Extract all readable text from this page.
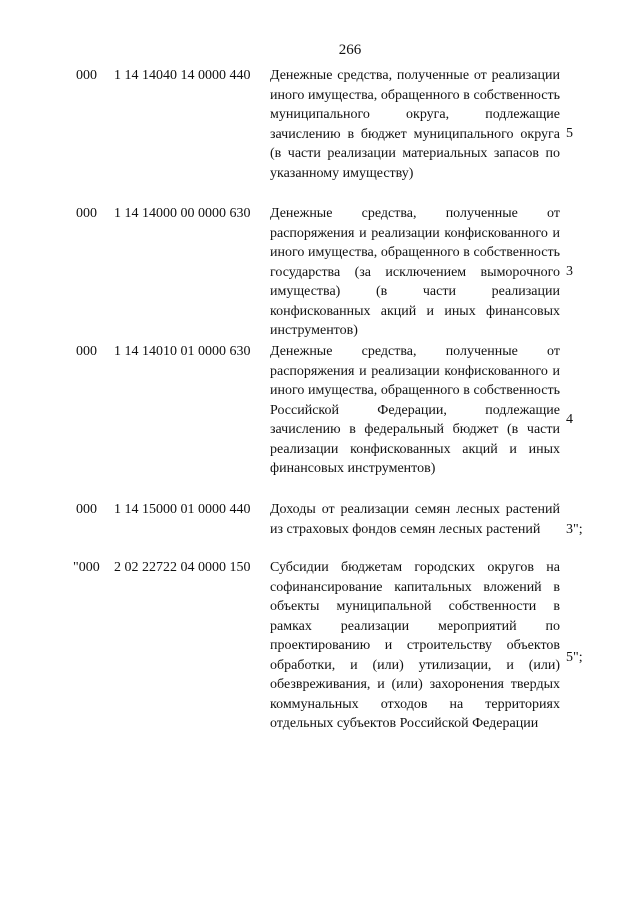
266
000 1 14 14040 14 0000 440 Денежные средства, полученные от реализации иного имущества, обращенного в собственность муниципального округа, подлежащие зачислению в бюджет муниципального округа (в части реализации материальных запасов по указанному имуществу)
5
000 1 14 14000 00 0000 630 Денежные средства, полученные от распоряжения и реализации конфискованного и иного имущества, обращенного в собственность государства (за исключением выморочного имущества) (в части реализации конфискованных акций и иных финансовых инструментов)
3
000 1 14 14010 01 0000 630 Денежные средства, полученные от распоряжения и реализации конфискованного и иного имущества, обращенного в собственность Российской Федерации, подлежащие зачислению в федеральный бюджет (в части реализации конфискованных акций и иных финансовых инструментов)
4
000 1 14 15000 01 0000 440 Доходы от реализации семян лесных растений из страховых фондов семян лесных растений	3";
"000 2 02 22722 04 0000 150 Субсидии бюджетам городских округов на софинансирование капитальных вложений в объекты муниципальной собственности в рамках реализации мероприятий по проектированию и строительству объектов обработки, и (или) утилизации, и (или) обезвреживания, и (или) захоронения твердых коммунальных отходов на территориях отдельных субъектов Российской Федерации
5";
